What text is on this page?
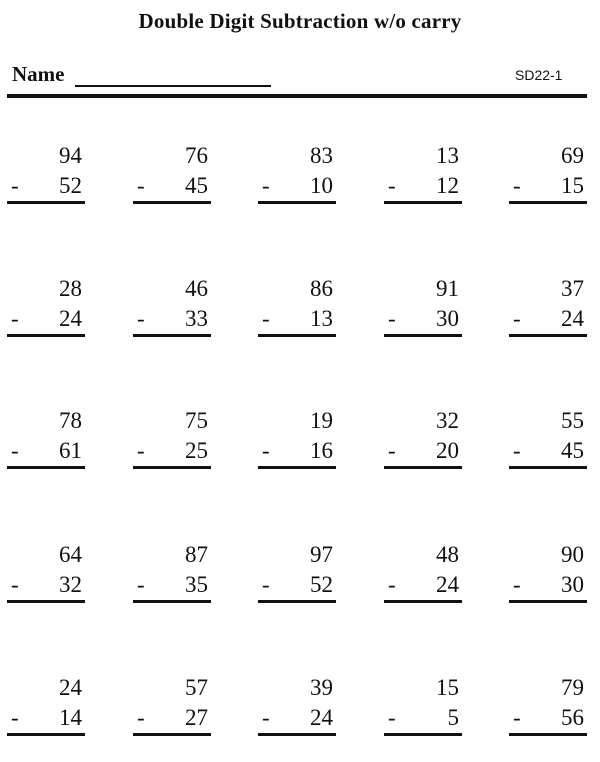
Double Digit Subtraction w/o carry
Name	SD22-1
94
- 52
76
- 45
83
- 10
13
- 12
69
- 15
28
- 24
46
- 33
86
- 13
91
- 30
37
- 24
78
- 61
75
- 25
19
- 16
32
- 20
55
- 45
64
- 32
87
- 35
97
- 52
48
- 24
90
- 30
24
- 14
57
- 27
39
- 24
15
- 5
79
- 56
